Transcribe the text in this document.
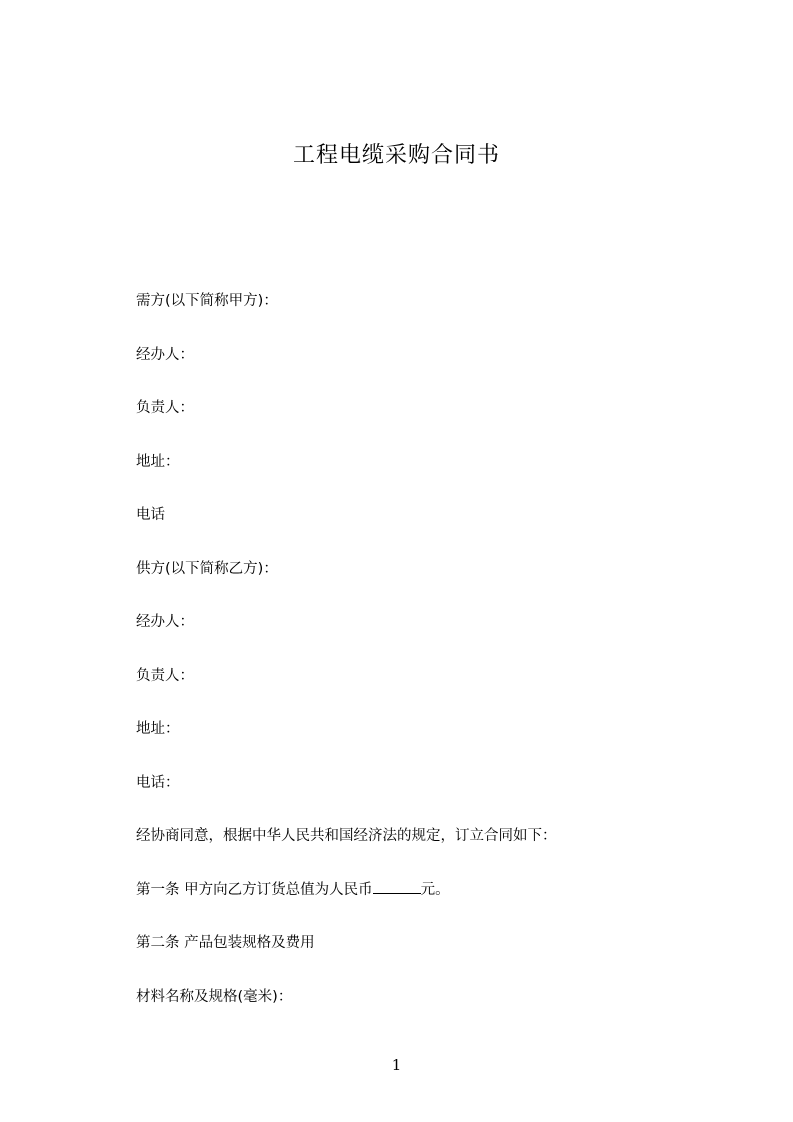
工程电缆采购合同书
需方(以下简称甲方)：
经办人：
负责人：
地址：
电话
供方(以下简称乙方)：
经办人：
负责人：
地址：
电话：
经协商同意，根据中华人民共和国经济法的规定，订立合同如下：
第一条 甲方向乙方订货总值为人民币	元。
第二条 产品包装规格及费用
材料名称及规格(毫米)：
1
